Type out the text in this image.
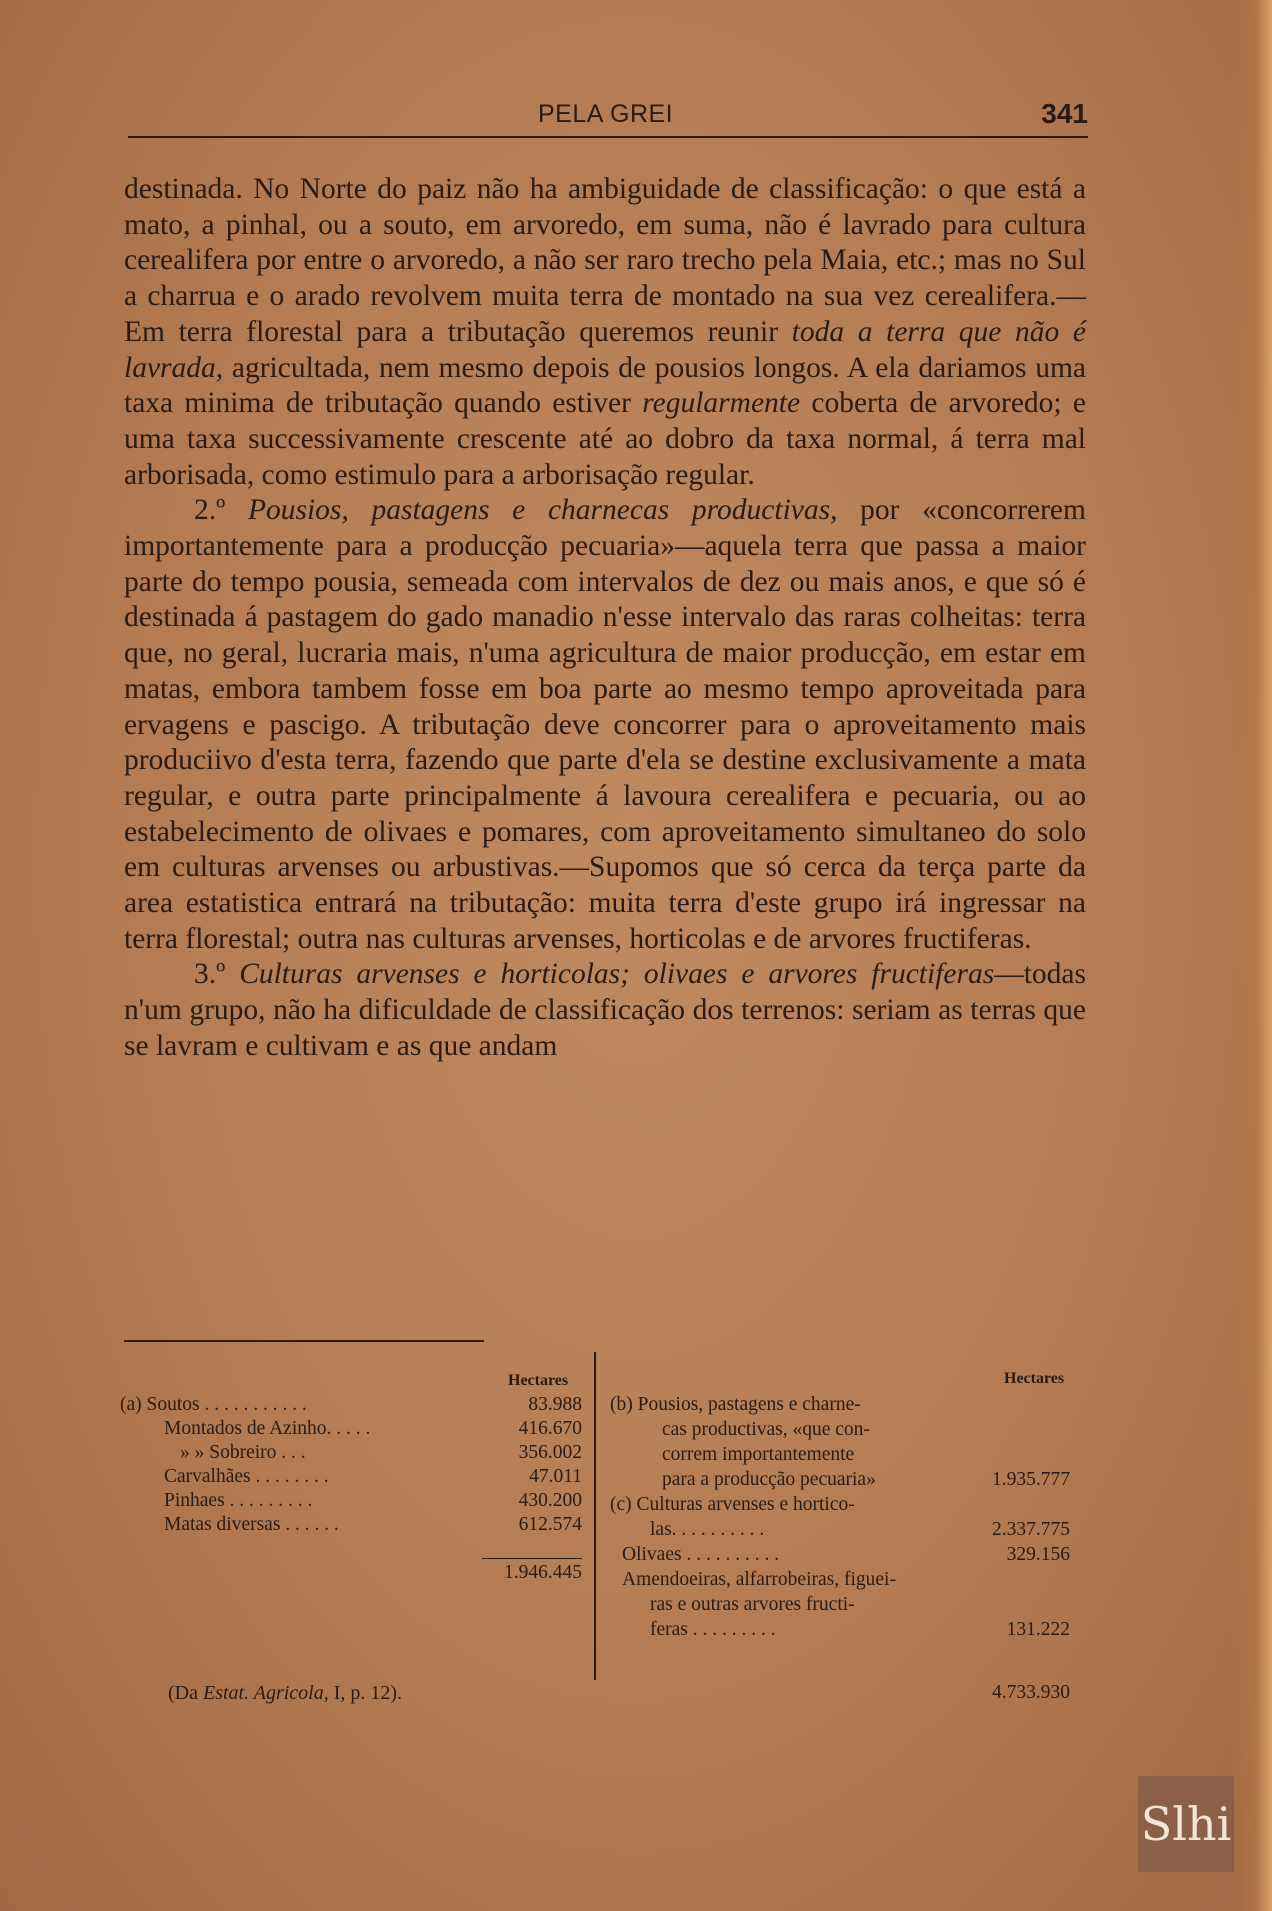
PELA GREI	341

destinada. No Norte do paiz não ha ambiguidade de classificação: o que está a mato, a pinhal, ou a souto, em arvoredo, em suma, não é lavrado para cultura cerealifera por entre o arvoredo, a não ser raro trecho pela Maia, etc.; mas no Sul a charrua e o arado revolvem muita terra de montado na sua vez cerealifera.—Em terra florestal para a tributação queremos reunir toda a terra que não é lavrada, agricultada, nem mesmo depois de pousios longos. A ela dariamos uma taxa minima de tributação quando estiver regularmente coberta de arvoredo; e uma taxa successivamente crescente até ao dobro da taxa normal, á terra mal arborisada, como estimulo para a arborisação regular.

2.º Pousios, pastagens e charnecas productivas, por «concorrerem importantemente para a producção pecuaria»—aquela terra que passa a maior parte do tempo pousia, semeada com intervalos de dez ou mais anos, e que só é destinada á pastagem do gado manadio n'esse intervalo das raras colheitas: terra que, no geral, lucraria mais, n'uma agricultura de maior producção, em estar em matas, embora tambem fosse em boa parte ao mesmo tempo aproveitada para ervagens e pascigo. A tributação deve concorrer para o aproveitamento mais produciivo d'esta terra, fazendo que parte d'ela se destine exclusivamente a mata regular, e outra parte principalmente á lavoura cerealifera e pecuaria, ou ao estabelecimento de olivaes e pomares, com aproveitamento simultaneo do solo em culturas arvenses ou arbustivas.—Supomos que só cerca da terça parte da area estatistica entrará na tributação: muita terra d'este grupo irá ingressar na terra florestal; outra nas culturas arvenses, horticolas e de arvores fructiferas.

3.º Culturas arvenses e horticolas; olivaes e arvores fructiferas—todas n'um grupo, não ha dificuldade de classificação dos terrenos: seriam as terras que se lavram e cultivam e as que andam

Hectares
(a) Soutos . . . . . . . . . . .	83.988
Montados de Azinho. . . . .	416.670
» » Sobreiro . . .	356.002
Carvalhães . . . . . . . .	47.011
Pinhaes . . . . . . . . .	430.200
Matas diversas . . . . . .	612.574
1.946.445
(Da Estat. Agricola, I, p. 12).
Hectares
(b) Pousios, pastagens e charne-
cas productivas, «que con-
correm importantemente
para a producção pecuaria»	1.935.777
(c) Culturas arvenses e hortico-
las. . . . . . . . . .	2.337.775
Olivaes . . . . . . . . . .	329.156
Amendoeiras, alfarrobeiras, figuei-
ras e outras arvores fructi-
feras . . . . . . . . .	131.222
4.733.930
Slhi
